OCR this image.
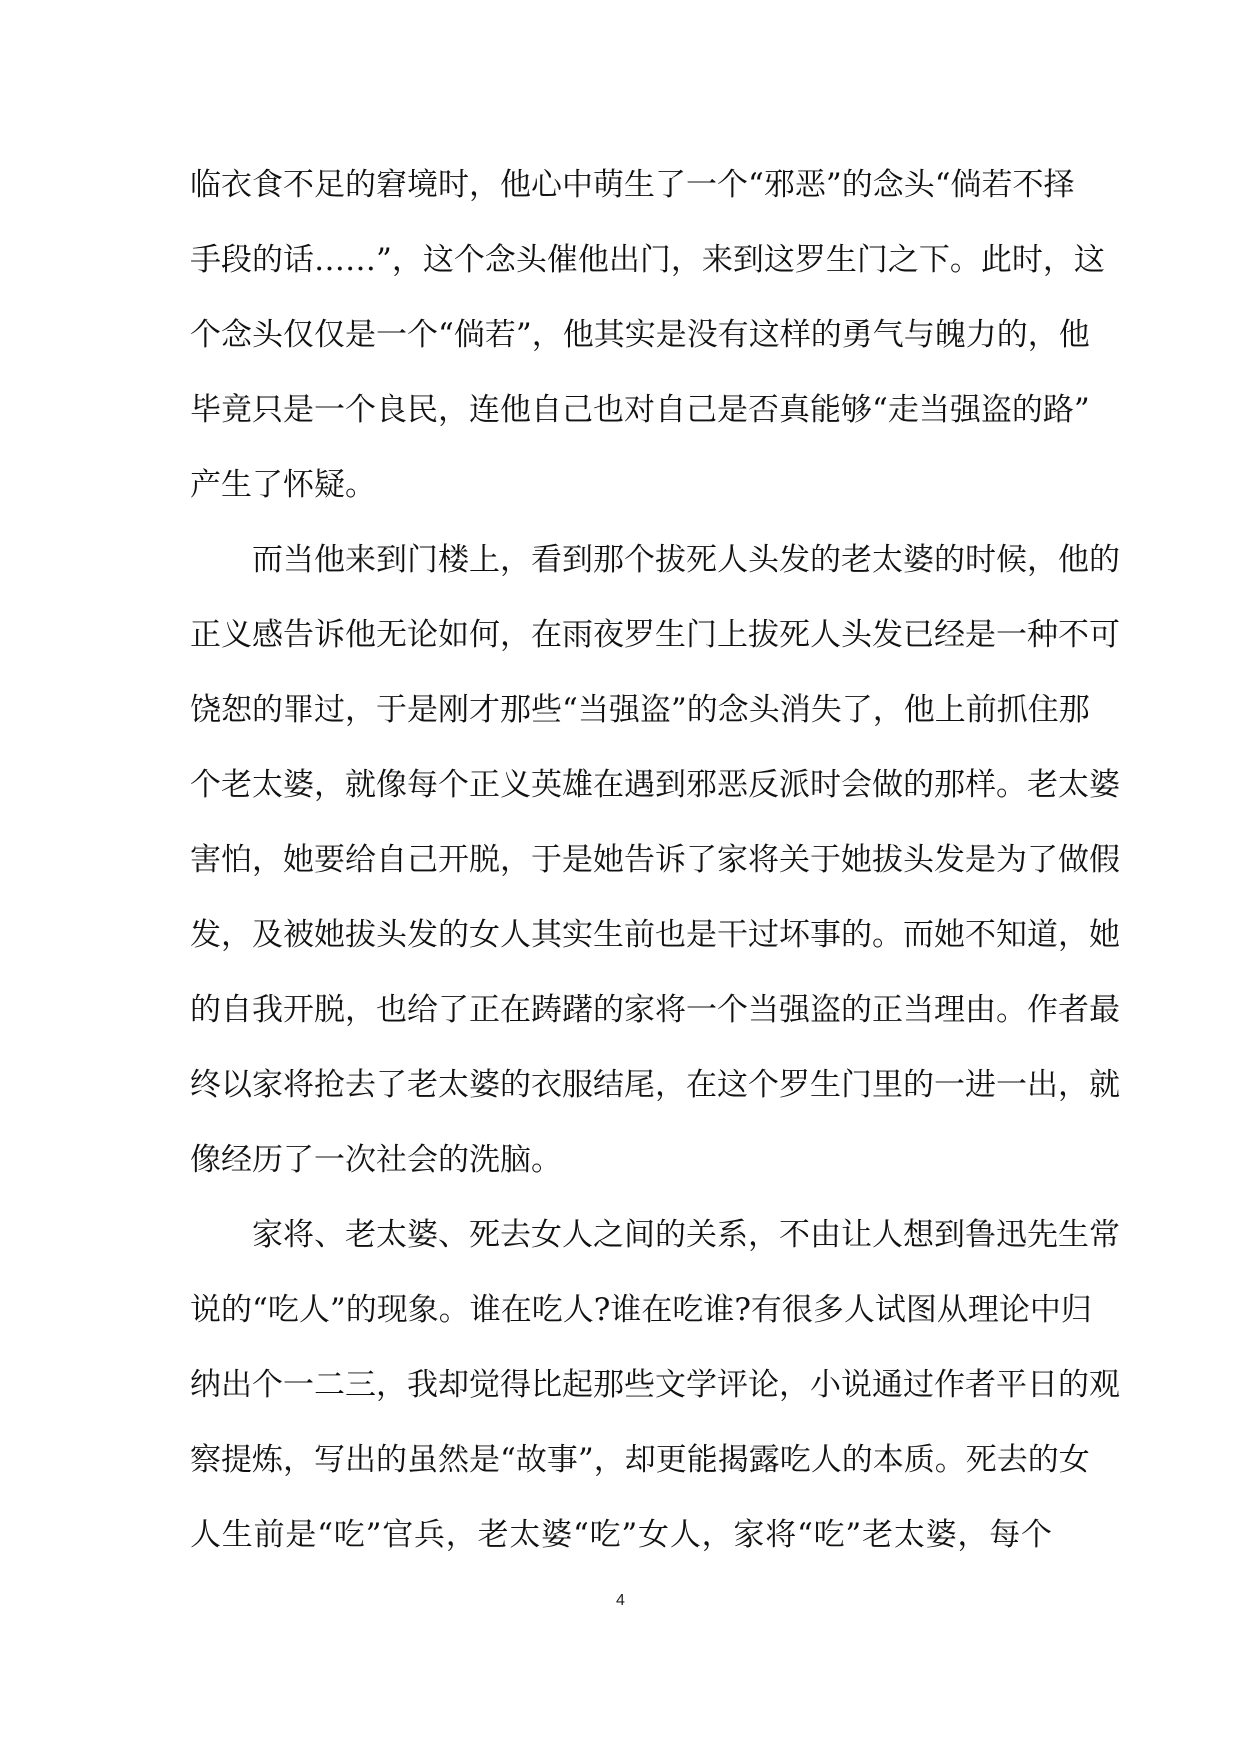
临衣食不足的窘境时，他心中萌生了一个“邪恶”的念头“倘若不择
手段的话……”，这个念头催他出门，来到这罗生门之下。此时，这
个念头仅仅是一个“倘若”，他其实是没有这样的勇气与魄力的，他
毕竟只是一个良民，连他自己也对自己是否真能够“走当强盗的路”
产生了怀疑。
而当他来到门楼上，看到那个拔死人头发的老太婆的时候，他的
正义感告诉他无论如何，在雨夜罗生门上拔死人头发已经是一种不可
饶恕的罪过，于是刚才那些“当强盗”的念头消失了，他上前抓住那
个老太婆，就像每个正义英雄在遇到邪恶反派时会做的那样。老太婆
害怕，她要给自己开脱，于是她告诉了家将关于她拔头发是为了做假
发，及被她拔头发的女人其实生前也是干过坏事的。而她不知道，她
的自我开脱，也给了正在踌躇的家将一个当强盗的正当理由。作者最
终以家将抢去了老太婆的衣服结尾，在这个罗生门里的一进一出，就
像经历了一次社会的洗脑。
家将、老太婆、死去女人之间的关系，不由让人想到鲁迅先生常
说的“吃人”的现象。谁在吃人?谁在吃谁?有很多人试图从理论中归
纳出个一二三，我却觉得比起那些文学评论，小说通过作者平日的观
察提炼，写出的虽然是“故事”，却更能揭露吃人的本质。死去的女
人生前是“吃”官兵，老太婆“吃”女人，家将“吃”老太婆，每个
4
